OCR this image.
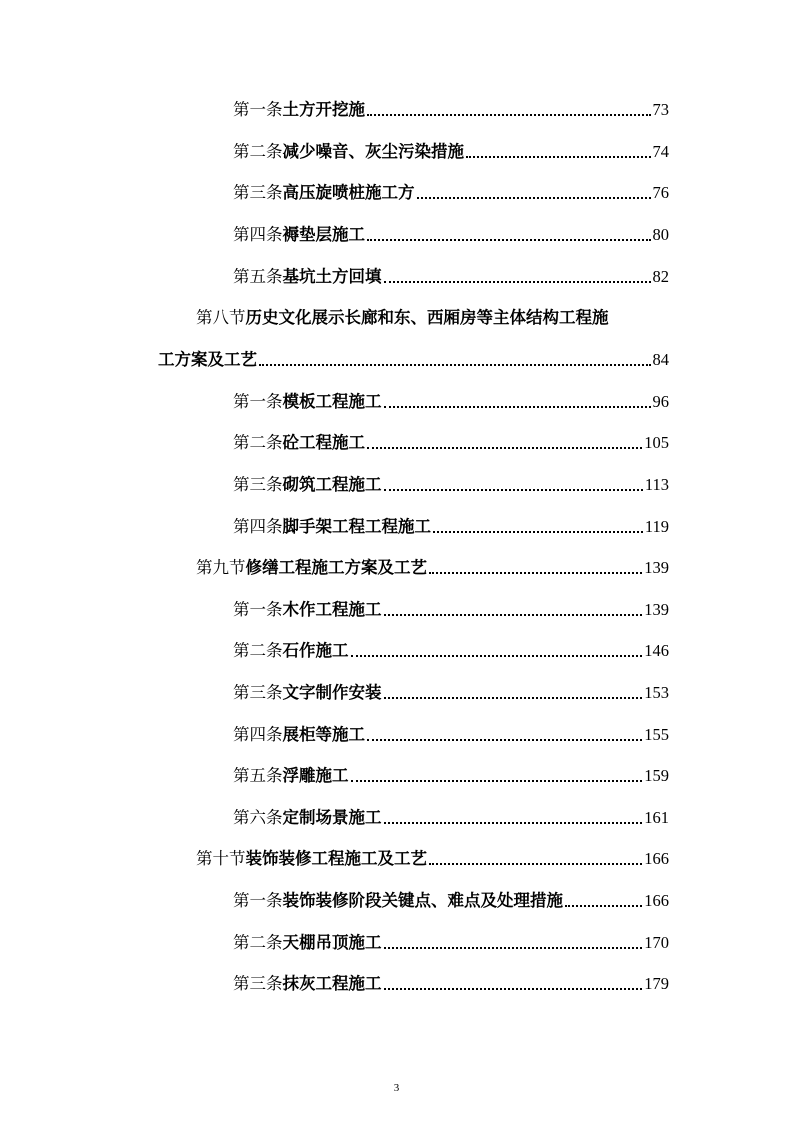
第一条 土方开挖施	73
第二条 减少噪音、灰尘污染措施	74
第三条 高压旋喷桩施工方	76
第四条 褥垫层施工	80
第五条 基坑土方回填	82
第八节 历史文化展示长廊和东、西厢房等主体结构工程施
工方案及工艺	84
第一条 模板工程施工	96
第二条 砼工程施工	105
第三条 砌筑工程施工	113
第四条 脚手架工程工程施工	119
第九节 修缮工程施工方案及工艺	139
第一条 木作工程施工	139
第二条 石作施工	146
第三条 文字制作安装	153
第四条 展柜等施工	155
第五条 浮雕施工	159
第六条 定制场景施工	161
第十节 装饰装修工程施工及工艺	166
第一条 装饰装修阶段关键点、难点及处理措施	166
第二条 天棚吊顶施工	170
第三条 抹灰工程施工	179
3
